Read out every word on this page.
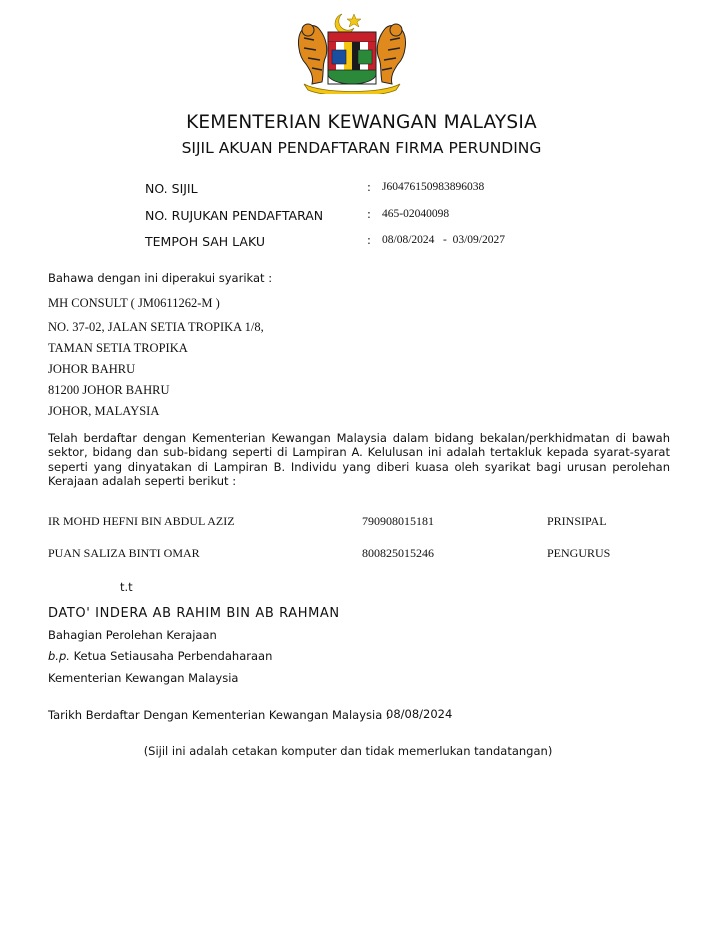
KEMENTERIAN KEWANGAN MALAYSIA
SIJIL AKUAN PENDAFTARAN FIRMA PERUNDING
NO. SIJIL	: J60476150983896038
NO. RUJUKAN PENDAFTARAN	: 465-02040098
TEMPOH SAH LAKU	: 08/08/2024   -  03/09/2027
Bahawa dengan ini diperakui syarikat :
MH CONSULT ( JM0611262-M )
NO. 37-02, JALAN SETIA TROPIKA 1/8,
TAMAN SETIA TROPIKA
JOHOR BAHRU
81200 JOHOR BAHRU
JOHOR, MALAYSIA
Telah berdaftar dengan Kementerian Kewangan Malaysia dalam bidang bekalan/perkhidmatan di bawah sektor, bidang dan sub-bidang seperti di Lampiran A. Kelulusan ini adalah tertakluk kepada syarat-syarat seperti yang dinyatakan di Lampiran B. Individu yang diberi kuasa oleh syarikat bagi urusan perolehan Kerajaan adalah seperti berikut :
IR MOHD HEFNI BIN ABDUL AZIZ	790908015181	PRINSIPAL
PUAN SALIZA BINTI OMAR	800825015246	PENGURUS
t.t
DATO' INDERA AB RAHIM BIN AB RAHMAN
Bahagian Perolehan Kerajaan
b.p. Ketua Setiausaha Perbendaharaan
Kementerian Kewangan Malaysia
Tarikh Berdaftar Dengan Kementerian Kewangan Malaysia :
08/08/2024
(Sijil ini adalah cetakan komputer dan tidak memerlukan tandatangan)
